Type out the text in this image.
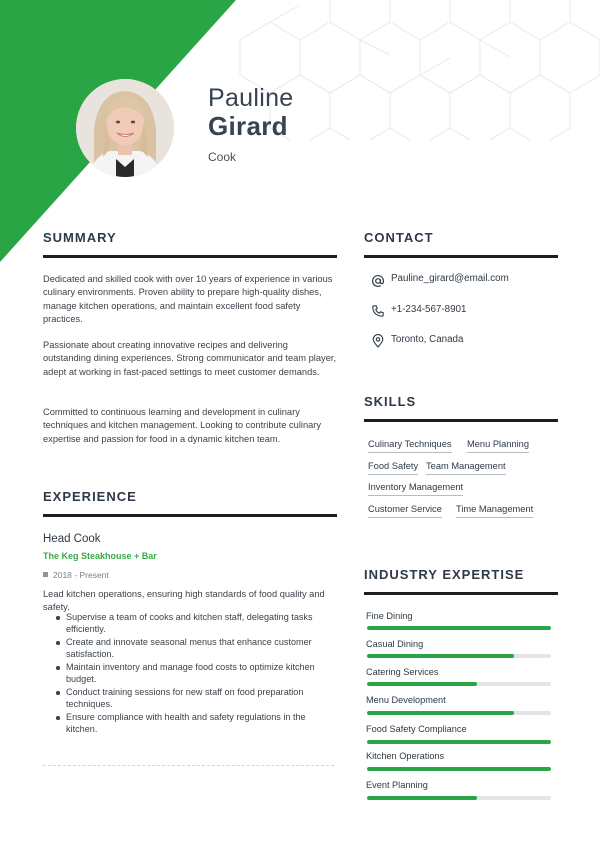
Pauline
Girard
Cook
SUMMARY
Dedicated and skilled cook with over 10 years of experience in various culinary environments. Proven ability to prepare high-quality dishes, manage kitchen operations, and maintain excellent food safety practices.
Passionate about creating innovative recipes and delivering outstanding dining experiences. Strong communicator and team player, adept at working in fast-paced settings to meet customer demands.
Committed to continuous learning and development in culinary techniques and kitchen management. Looking to contribute culinary expertise and passion for food in a dynamic kitchen team.
EXPERIENCE
Head Cook
The Keg Steakhouse + Bar
2018 - Present
Lead kitchen operations, ensuring high standards of food quality and safety.
Supervise a team of cooks and kitchen staff, delegating tasks efficiently.
Create and innovate seasonal menus that enhance customer satisfaction.
Maintain inventory and manage food costs to optimize kitchen budget.
Conduct training sessions for new staff on food preparation techniques.
Ensure compliance with health and safety regulations in the kitchen.
CONTACT
Pauline_girard@email.com
+1-234-567-8901
Toronto, Canada
SKILLS
Culinary Techniques Menu Planning
Food Safety Team Management
Inventory Management
Customer Service Time Management
INDUSTRY EXPERTISE
Fine Dining
Casual Dining
Catering Services
Menu Development
Food Safety Compliance
Kitchen Operations
Event Planning
